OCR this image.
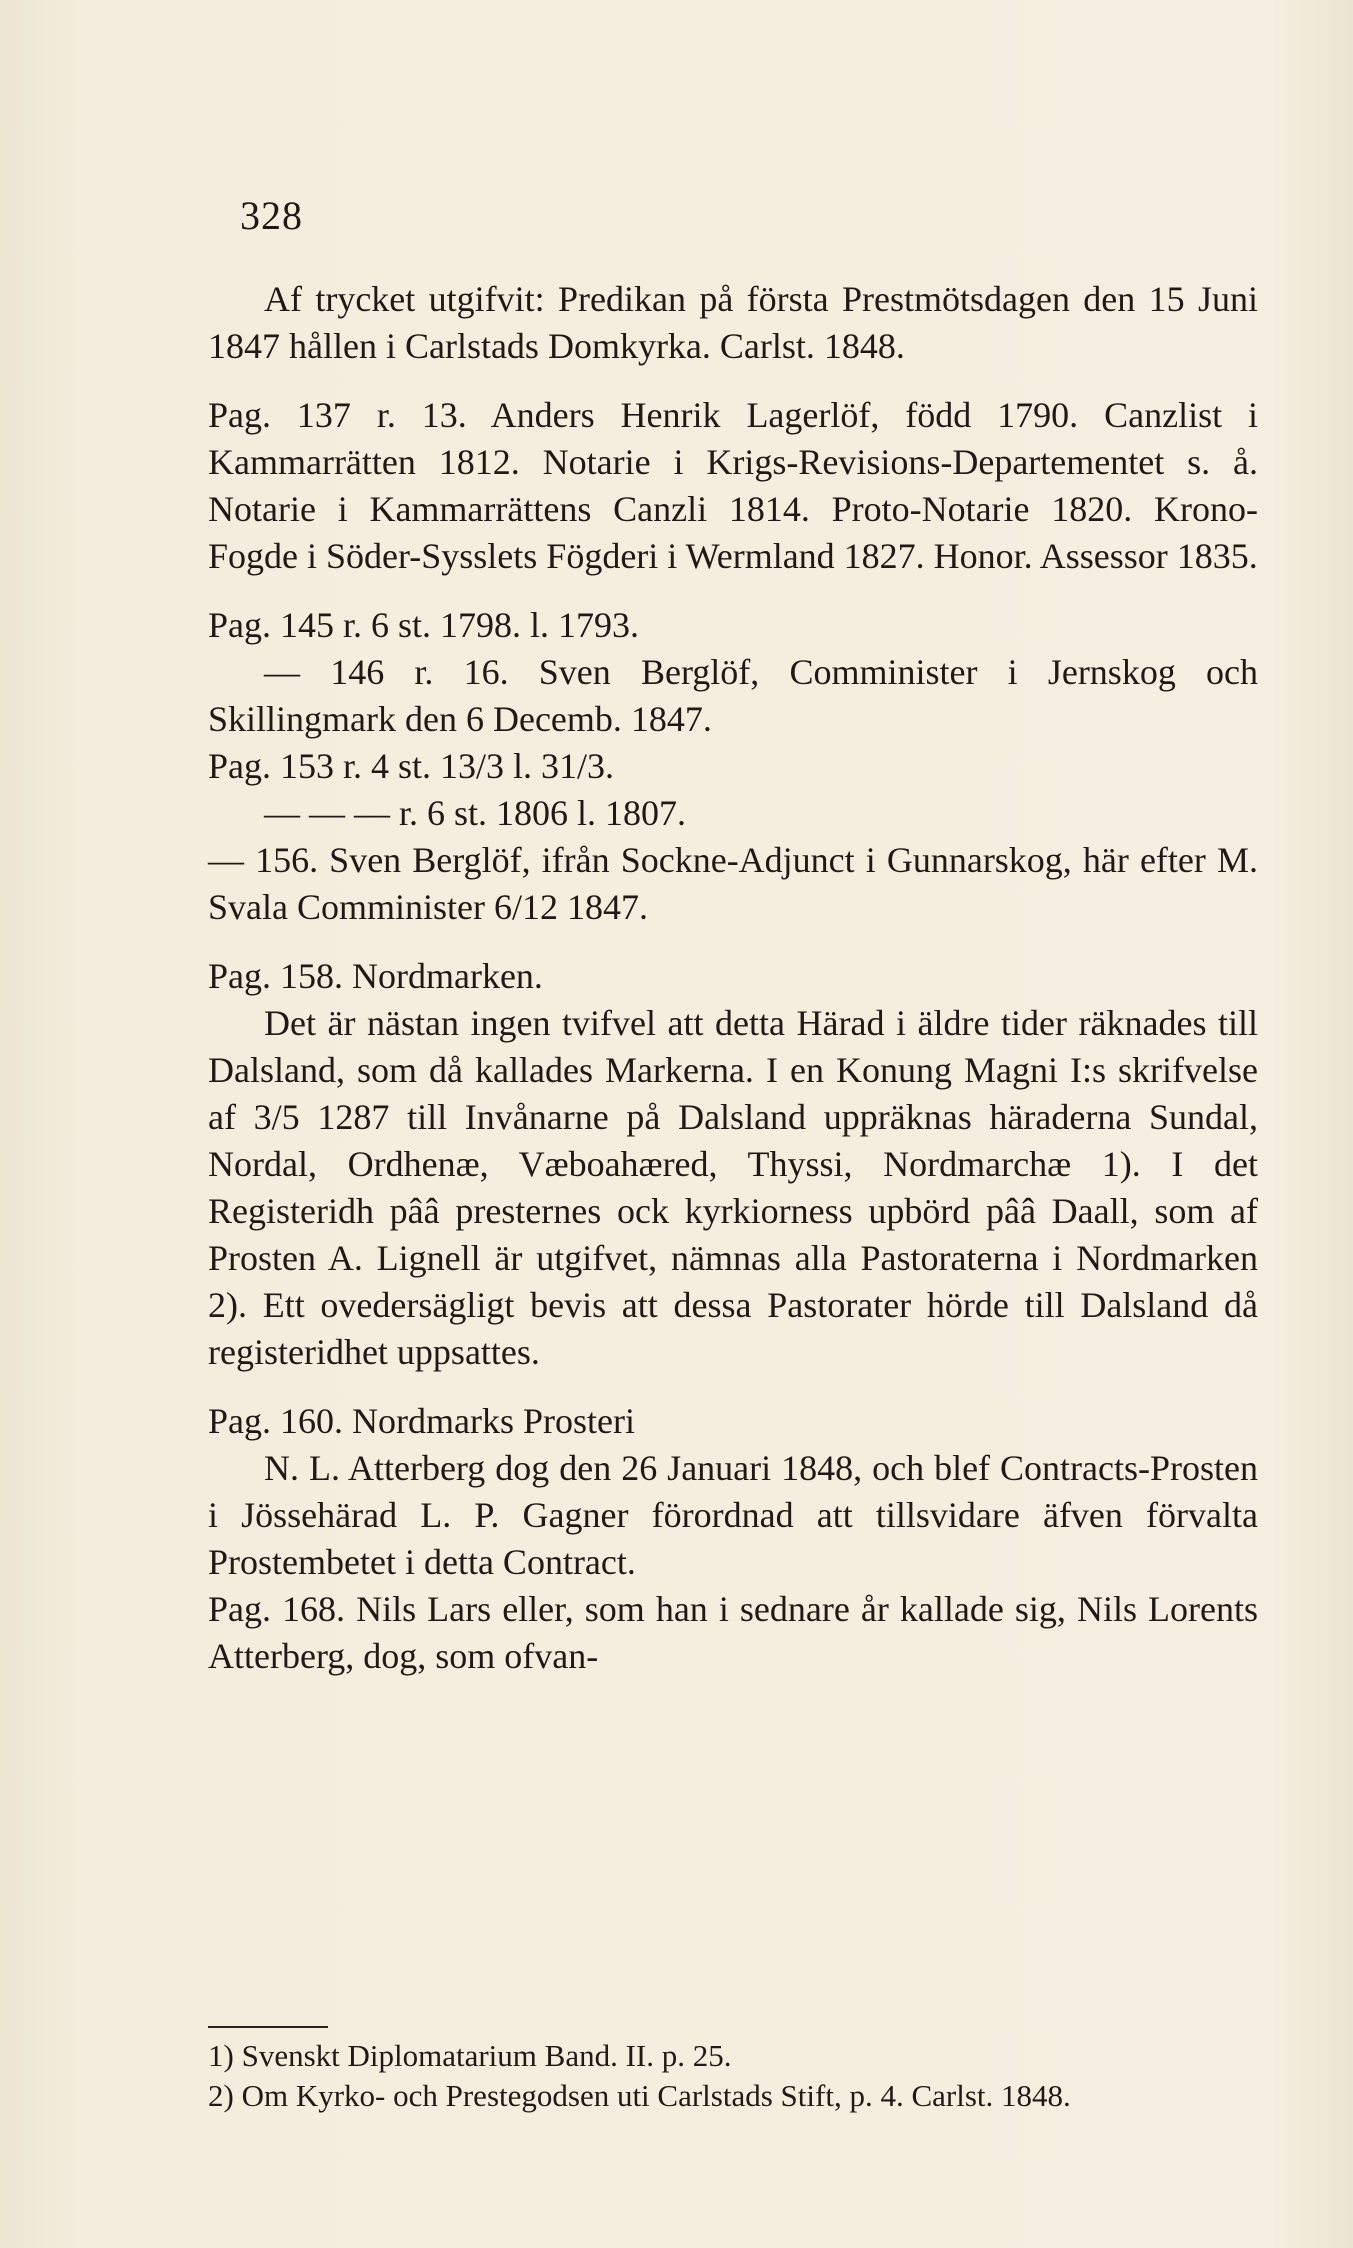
328

Af trycket utgifvit: Predikan på första Prestmötsdagen den 15 Juni 1847 hållen i Carlstads Domkyrka. Carlst. 1848.

Pag. 137 r. 13. Anders Henrik Lagerlöf, född 1790. Canzlist i Kammarrätten 1812. Notarie i Krigs-Revisions-Departementet s. å. Notarie i Kammarrättens Canzli 1814. Proto-Notarie 1820. Krono-Fogde i Söder-Sysslets Fögderi i Wermland 1827. Honor. Assessor 1835.

Pag. 145 r. 6 st. 1798. l. 1793.

— 146 r. 16. Sven Berglöf, Comminister i Jernskog och Skillingmark den 6 Decemb. 1847.

Pag. 153 r. 4 st. 13/3 l. 31/3.

— — — r. 6 st. 1806 l. 1807.

— 156. Sven Berglöf, ifrån Sockne-Adjunct i Gunnarskog, här efter M. Svala Comminister 6/12 1847.

Pag. 158. Nordmarken.

Det är nästan ingen tvifvel att detta Härad i äldre tider räknades till Dalsland, som då kallades Markerna. I en Konung Magni I:s skrifvelse af 3/5 1287 till Invånarne på Dalsland uppräknas häraderna Sundal, Nordal, Ordhenæ, Væboahæred, Thyssi, Nordmarchæ 1). I det Registeridh pââ presternes ock kyrkiorness upbörd pââ Daall, som af Prosten A. Lignell är utgifvet, nämnas alla Pastoraterna i Nordmarken 2). Ett ovedersägligt bevis att dessa Pastorater hörde till Dalsland då registeridhet uppsattes.

Pag. 160. Nordmarks Prosteri

N. L. Atterberg dog den 26 Januari 1848, och blef Contracts-Prosten i Jössehärad L. P. Gagner förordnad att tillsvidare äfven förvalta Prostembetet i detta Contract.

Pag. 168. Nils Lars eller, som han i sednare år kallade sig, Nils Lorents Atterberg, dog, som ofvan-

1) Svenskt Diplomatarium Band. II. p. 25.

2) Om Kyrko- och Prestegodsen uti Carlstads Stift, p. 4. Carlst. 1848.
